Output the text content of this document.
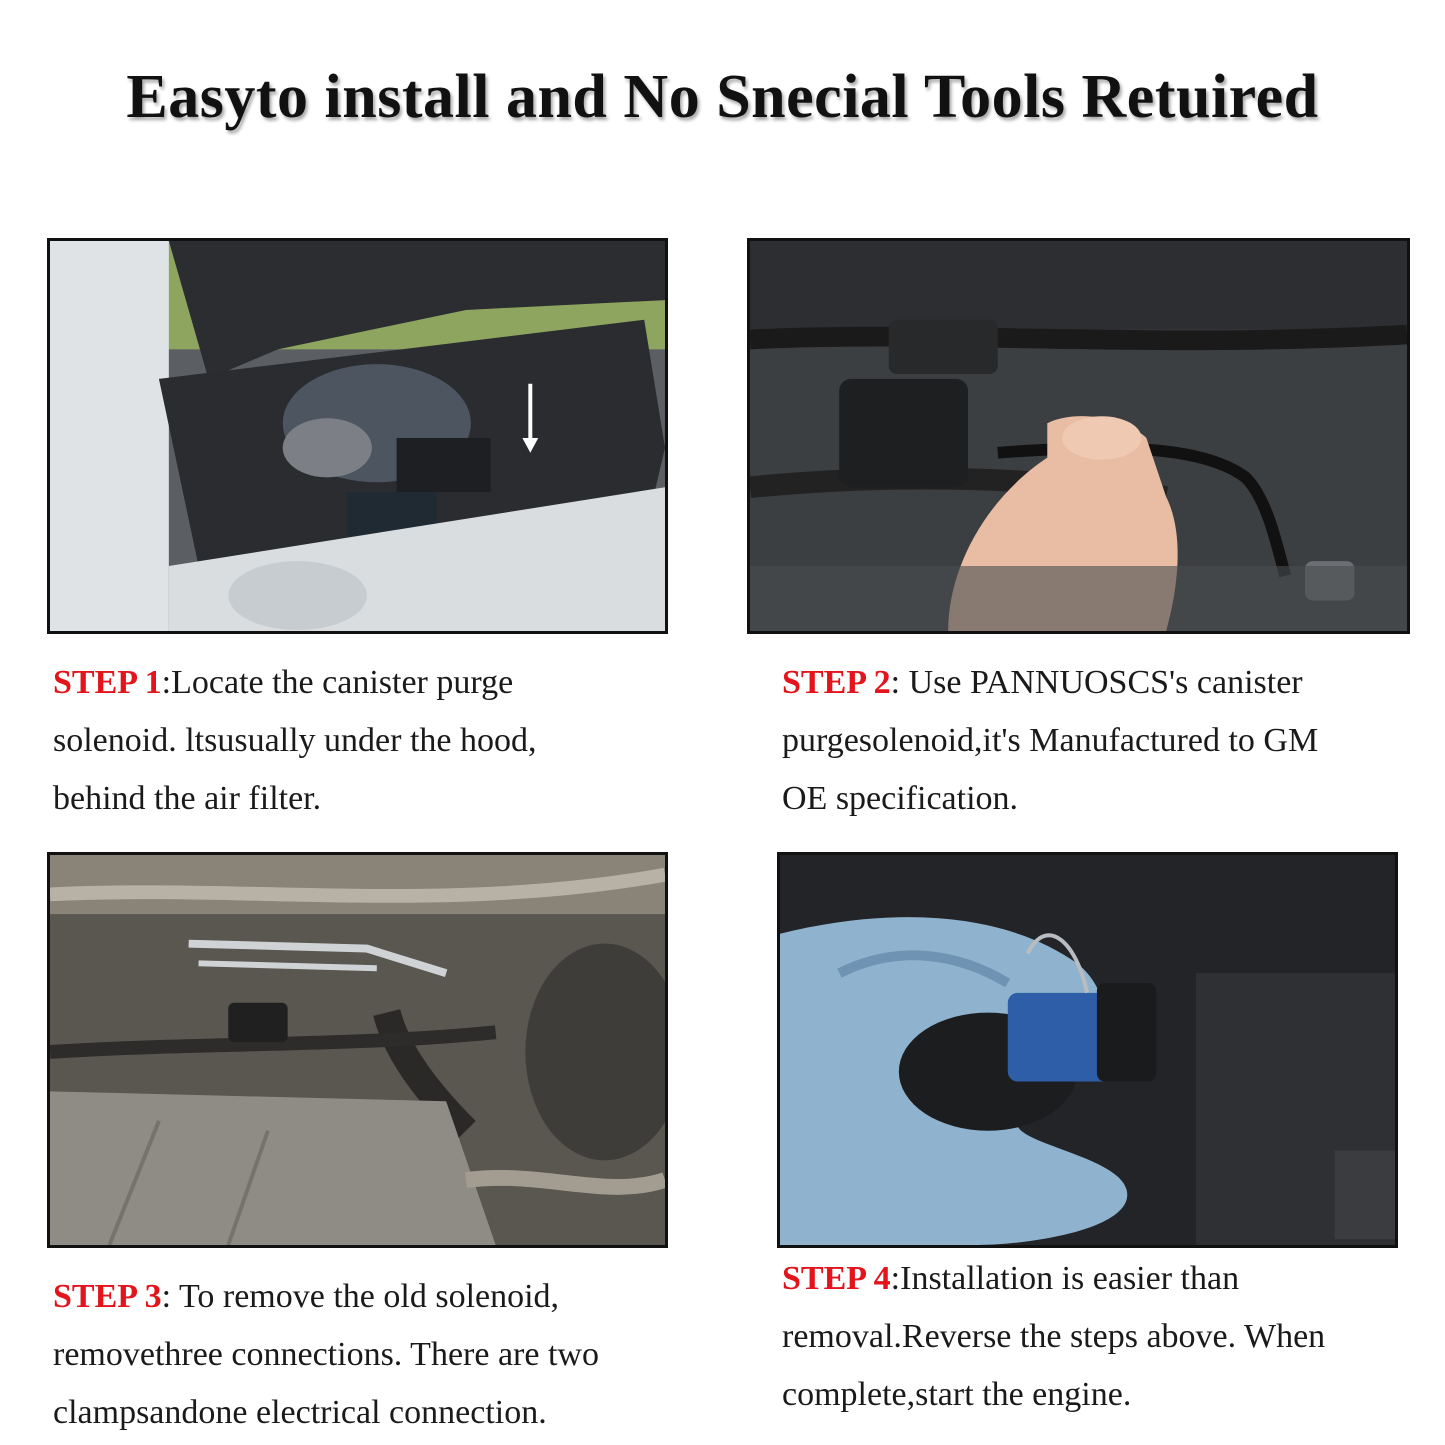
Easyto install and No Snecial Tools Retuired
STEP 1:Locate the canister purge
solenoid. ltsusually under the hood,
behind the air filter.
STEP 2: Use PANNUOSCS's canister
purgesolenoid,it's Manufactured to GM
OE specification.
STEP 3: To remove the old solenoid,
removethree connections. There are two
clampsandone electrical connection.
STEP 4:Installation is easier than
removal.Reverse the steps above. When
complete,start the engine.
